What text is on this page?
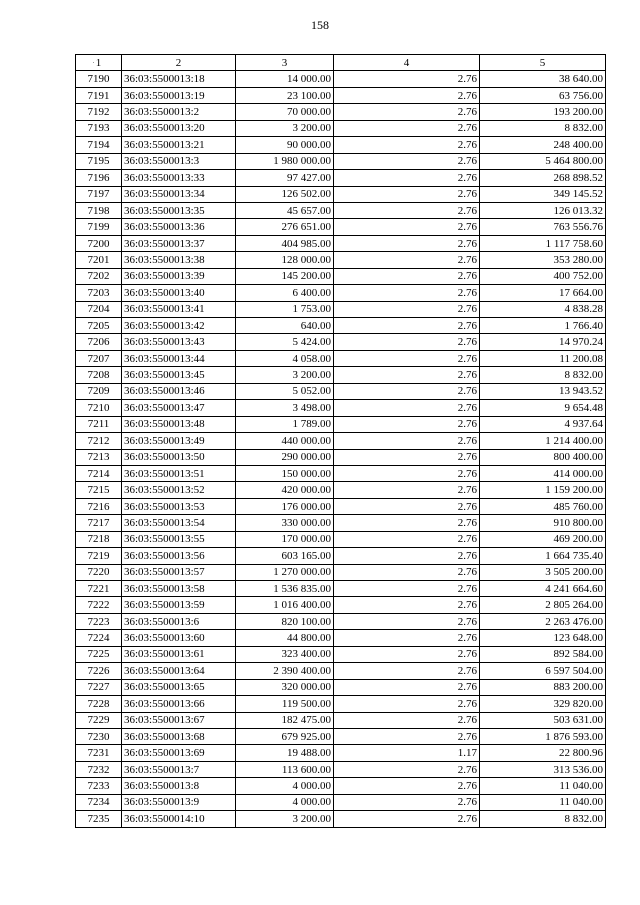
158
1	2	3	4	5
7190	36:03:5500013:18	14 000.00	2.76	38 640.00
7191	36:03:5500013:19	23 100.00	2.76	63 756.00
7192	36:03:5500013:2	70 000.00	2.76	193 200.00
7193	36:03:5500013:20	3 200.00	2.76	8 832.00
7194	36:03:5500013:21	90 000.00	2.76	248 400.00
7195	36:03:5500013:3	1 980 000.00	2.76	5 464 800.00
7196	36:03:5500013:33	97 427.00	2.76	268 898.52
7197	36:03:5500013:34	126 502.00	2.76	349 145.52
7198	36:03:5500013:35	45 657.00	2.76	126 013.32
7199	36:03:5500013:36	276 651.00	2.76	763 556.76
7200	36:03:5500013:37	404 985.00	2.76	1 117 758.60
7201	36:03:5500013:38	128 000.00	2.76	353 280.00
7202	36:03:5500013:39	145 200.00	2.76	400 752.00
7203	36:03:5500013:40	6 400.00	2.76	17 664.00
7204	36:03:5500013:41	1 753.00	2.76	4 838.28
7205	36:03:5500013:42	640.00	2.76	1 766.40
7206	36:03:5500013:43	5 424.00	2.76	14 970.24
7207	36:03:5500013:44	4 058.00	2.76	11 200.08
7208	36:03:5500013:45	3 200.00	2.76	8 832.00
7209	36:03:5500013:46	5 052.00	2.76	13 943.52
7210	36:03:5500013:47	3 498.00	2.76	9 654.48
7211	36:03:5500013:48	1 789.00	2.76	4 937.64
7212	36:03:5500013:49	440 000.00	2.76	1 214 400.00
7213	36:03:5500013:50	290 000.00	2.76	800 400.00
7214	36:03:5500013:51	150 000.00	2.76	414 000.00
7215	36:03:5500013:52	420 000.00	2.76	1 159 200.00
7216	36:03:5500013:53	176 000.00	2.76	485 760.00
7217	36:03:5500013:54	330 000.00	2.76	910 800.00
7218	36:03:5500013:55	170 000.00	2.76	469 200.00
7219	36:03:5500013:56	603 165.00	2.76	1 664 735.40
7220	36:03:5500013:57	1 270 000.00	2.76	3 505 200.00
7221	36:03:5500013:58	1 536 835.00	2.76	4 241 664.60
7222	36:03:5500013:59	1 016 400.00	2.76	2 805 264.00
7223	36:03:5500013:6	820 100.00	2.76	2 263 476.00
7224	36:03:5500013:60	44 800.00	2.76	123 648.00
7225	36:03:5500013:61	323 400.00	2.76	892 584.00
7226	36:03:5500013:64	2 390 400.00	2.76	6 597 504.00
7227	36:03:5500013:65	320 000.00	2.76	883 200.00
7228	36:03:5500013:66	119 500.00	2.76	329 820.00
7229	36:03:5500013:67	182 475.00	2.76	503 631.00
7230	36:03:5500013:68	679 925.00	2.76	1 876 593.00
7231	36:03:5500013:69	19 488.00	1.17	22 800.96
7232	36:03:5500013:7	113 600.00	2.76	313 536.00
7233	36:03:5500013:8	4 000.00	2.76	11 040.00
7234	36:03:5500013:9	4 000.00	2.76	11 040.00
7235	36:03:5500014:10	3 200.00	2.76	8 832.00
